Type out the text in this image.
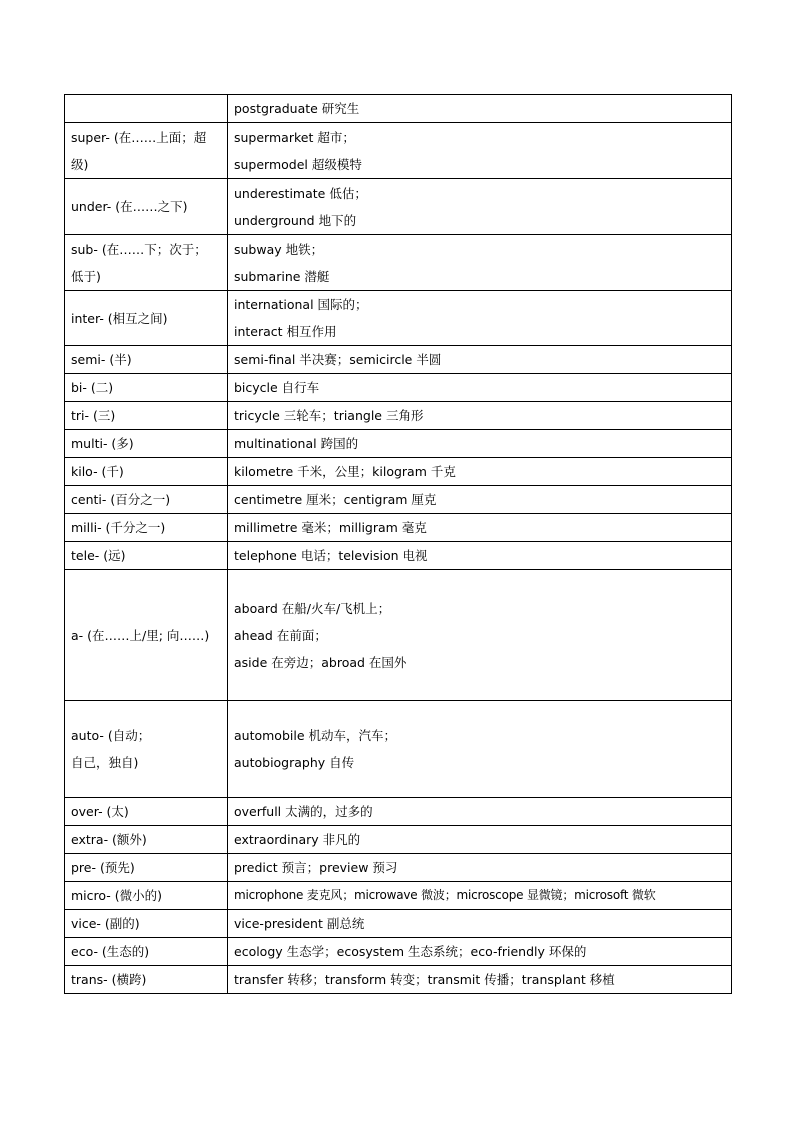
	postgraduate 研究生

super- (在……上面；超
级)	supermarket 超市；
supermodel 超级模特

under- (在……之下)	underestimate 低估；
underground 地下的

sub- (在……下；次于；
低于)	subway 地铁；
submarine 潜艇

inter- (相互之间)	international 国际的；
interact 相互作用

semi- (半)	semi-final 半决赛；semicircle 半圆

bi- (二)	bicycle 自行车

tri- (三)	tricycle 三轮车；triangle 三角形

multi- (多)	multinational 跨国的

kilo- (千)	kilometre 千米，公里；kilogram 千克

centi- (百分之一)	centimetre 厘米；centigram 厘克

milli- (千分之一)	millimetre 毫米；milligram 毫克

tele- (远)	telephone 电话；television 电视

a- (在……上/里; 向……)	aboard 在船/火车/飞机上；
ahead 在前面；
aside 在旁边；abroad 在国外

auto- (自动；
自己，独自)	automobile 机动车，汽车；
autobiography 自传

over- (太)	overfull 太满的，过多的

extra- (额外)	extraordinary 非凡的

pre- (预先)	predict 预言；preview 预习

micro- (微小的)	microphone 麦克风；microwave 微波；microscope 显微镜；microsoft 微软

vice- (副的)	vice-president 副总统

eco- (生态的)	ecology 生态学；ecosystem 生态系统；eco-friendly 环保的

trans- (横跨)	transfer 转移；transform 转变；transmit 传播；transplant 移植
